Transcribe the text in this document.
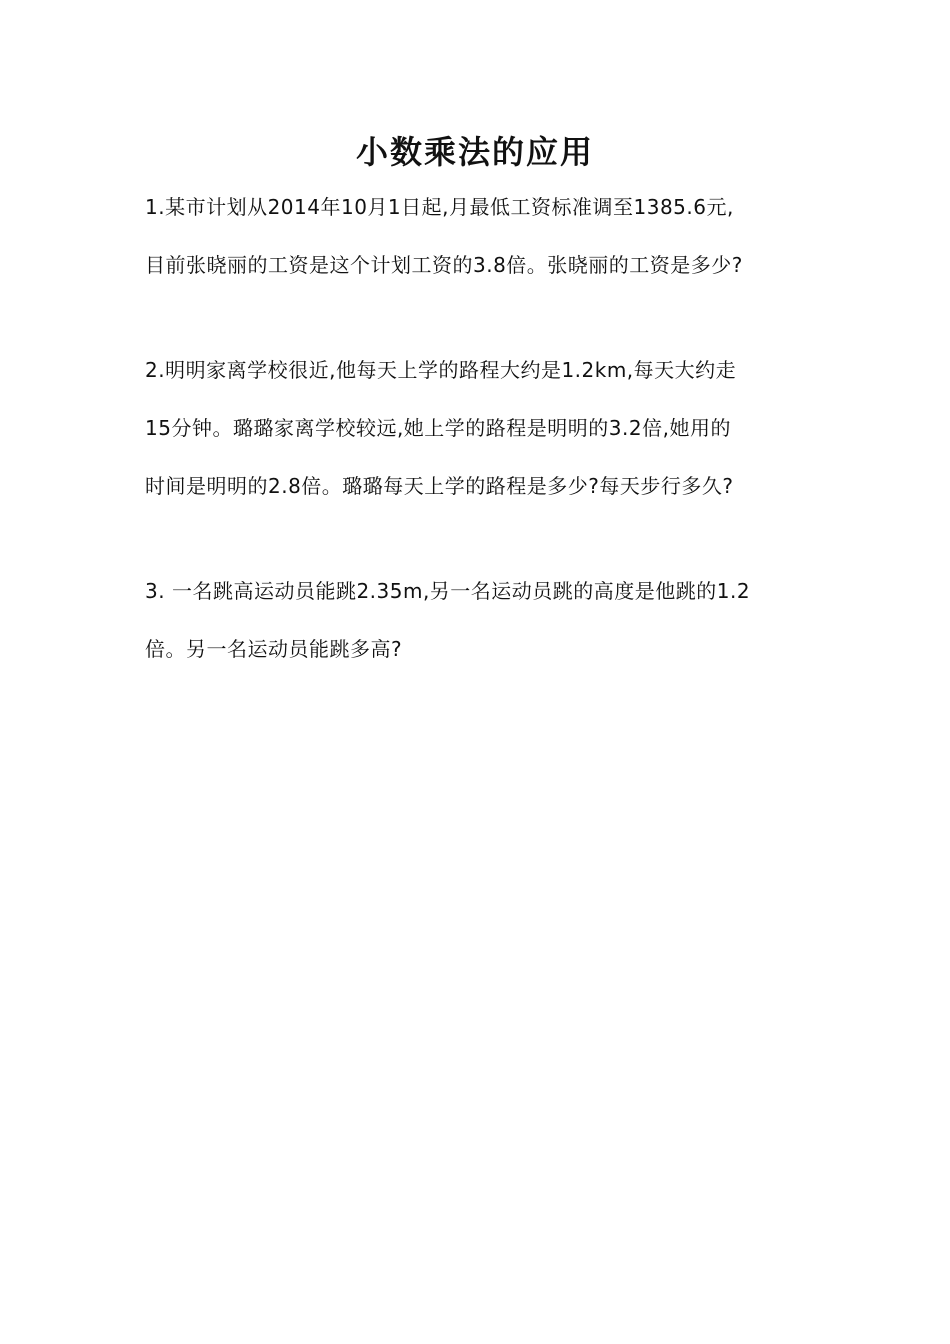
小数乘法的应用
1.某市计划从2014年10月1日起,月最低工资标准调至1385.6元,
目前张晓丽的工资是这个计划工资的3.8倍。张晓丽的工资是多少?
2.明明家离学校很近,他每天上学的路程大约是1.2km,每天大约走
15分钟。璐璐家离学校较远,她上学的路程是明明的3.2倍,她用的
时间是明明的2.8倍。璐璐每天上学的路程是多少?每天步行多久?
3. 一名跳高运动员能跳2.35m,另一名运动员跳的高度是他跳的1.2
倍。另一名运动员能跳多高?
